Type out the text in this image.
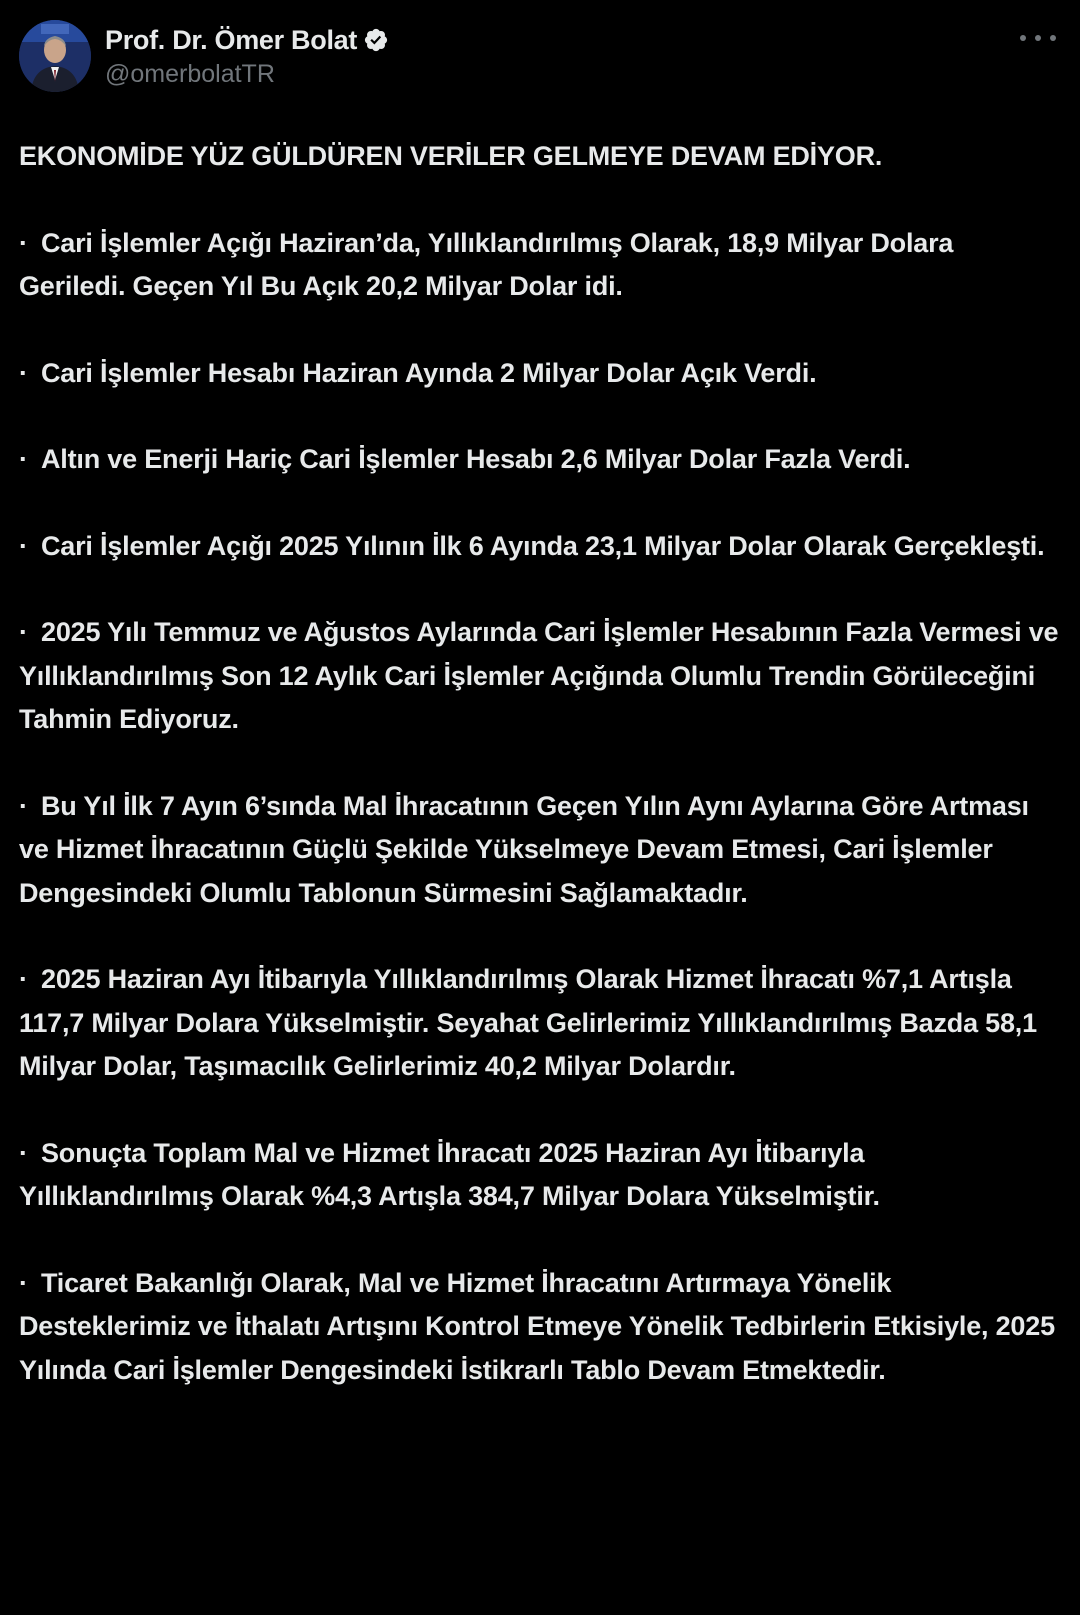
Prof. Dr. Ömer Bolat
@omerbolatTR
EKONOMİDE YÜZ GÜLDÜREN VERİLER GELMEYE DEVAM EDİYOR.
· Cari İşlemler Açığı Haziran’da, Yıllıklandırılmış Olarak, 18,9 Milyar Dolara Geriledi. Geçen Yıl Bu Açık 20,2 Milyar Dolar idi.
· Cari İşlemler Hesabı Haziran Ayında 2 Milyar Dolar Açık Verdi.
· Altın ve Enerji Hariç Cari İşlemler Hesabı 2,6 Milyar Dolar Fazla Verdi.
· Cari İşlemler Açığı 2025 Yılının İlk 6 Ayında 23,1 Milyar Dolar Olarak Gerçekleşti.
· 2025 Yılı Temmuz ve Ağustos Aylarında Cari İşlemler Hesabının Fazla Vermesi ve Yıllıklandırılmış Son 12 Aylık Cari İşlemler Açığında Olumlu Trendin Görüleceğini Tahmin Ediyoruz.
· Bu Yıl İlk 7 Ayın 6’sında Mal İhracatının Geçen Yılın Aynı Aylarına Göre Artması ve Hizmet İhracatının Güçlü Şekilde Yükselmeye Devam Etmesi, Cari İşlemler Dengesindeki Olumlu Tablonun Sürmesini Sağlamaktadır.
· 2025 Haziran Ayı İtibarıyla Yıllıklandırılmış Olarak Hizmet İhracatı %7,1 Artışla 117,7 Milyar Dolara Yükselmiştir. Seyahat Gelirlerimiz Yıllıklandırılmış Bazda 58,1 Milyar Dolar, Taşımacılık Gelirlerimiz 40,2 Milyar Dolardır.
· Sonuçta Toplam Mal ve Hizmet İhracatı 2025 Haziran Ayı İtibarıyla Yıllıklandırılmış Olarak %4,3 Artışla 384,7 Milyar Dolara Yükselmiştir.
· Ticaret Bakanlığı Olarak, Mal ve Hizmet İhracatını Artırmaya Yönelik Desteklerimiz ve İthalatı Artışını Kontrol Etmeye Yönelik Tedbirlerin Etkisiyle, 2025 Yılında Cari İşlemler Dengesindeki İstikrarlı Tablo Devam Etmektedir.
